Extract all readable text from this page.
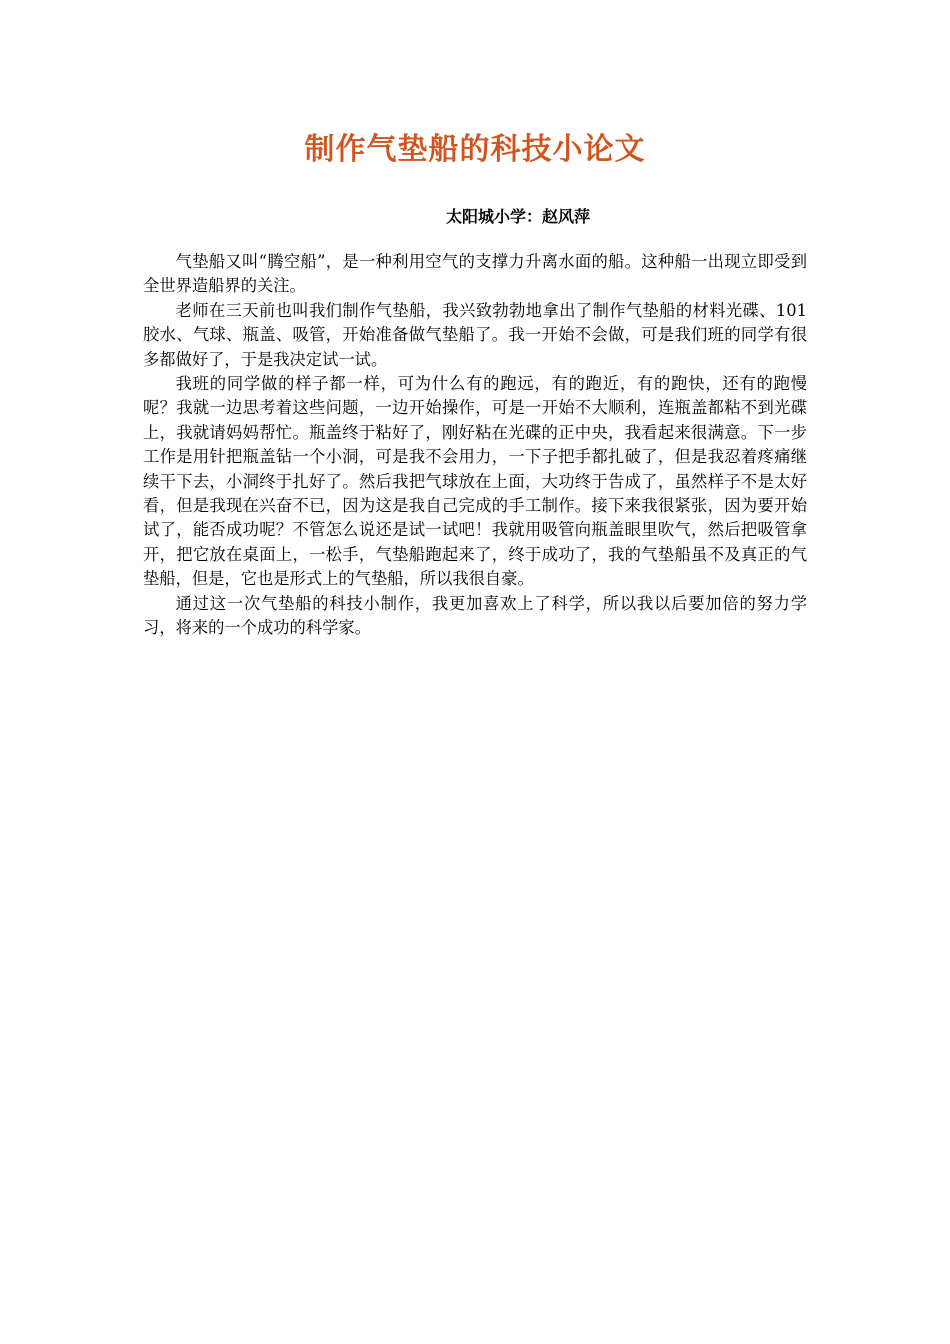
制作气垫船的科技小论文
太阳城小学：赵风萍

气垫船又叫“腾空船”，是一种利用空气的支撑力升离水面的船。这种船一出现立即受到全世界造船界的关注。

老师在三天前也叫我们制作气垫船，我兴致勃勃地拿出了制作气垫船的材料光碟、101胶水、气球、瓶盖、吸管，开始准备做气垫船了。我一开始不会做，可是我们班的同学有很多都做好了，于是我决定试一试。

我班的同学做的样子都一样，可为什么有的跑远，有的跑近，有的跑快，还有的跑慢呢？我就一边思考着这些问题，一边开始操作，可是一开始不大顺利，连瓶盖都粘不到光碟上，我就请妈妈帮忙。瓶盖终于粘好了，刚好粘在光碟的正中央，我看起来很满意。下一步工作是用针把瓶盖钻一个小洞，可是我不会用力，一下子把手都扎破了，但是我忍着疼痛继续干下去，小洞终于扎好了。然后我把气球放在上面，大功终于告成了，虽然样子不是太好看，但是我现在兴奋不已，因为这是我自己完成的手工制作。接下来我很紧张，因为要开始试了，能否成功呢？不管怎么说还是试一试吧！我就用吸管向瓶盖眼里吹气，然后把吸管拿开，把它放在桌面上，一松手，气垫船跑起来了，终于成功了，我的气垫船虽不及真正的气垫船，但是，它也是形式上的气垫船，所以我很自豪。

通过这一次气垫船的科技小制作，我更加喜欢上了科学，所以我以后要加倍的努力学习，将来的一个成功的科学家。
